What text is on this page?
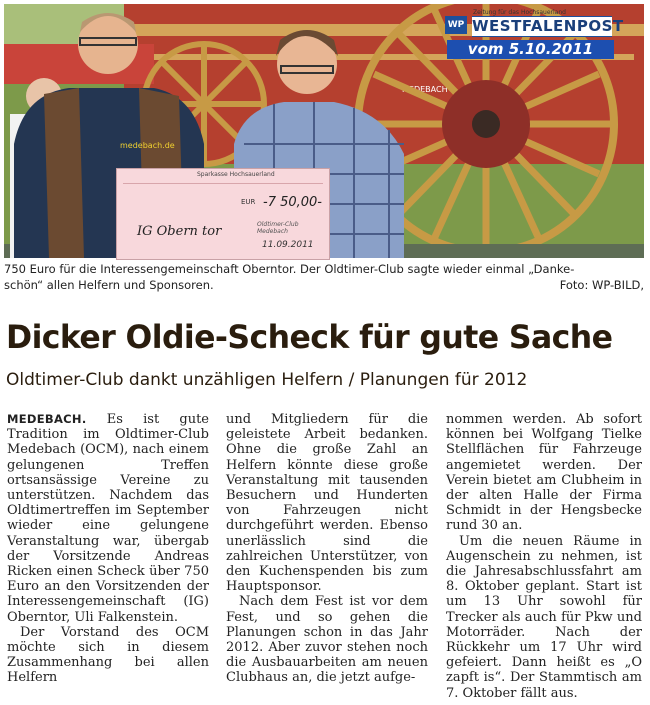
MEDEBACH
medebach.de
Zeitung für das Hochsauerland
WP WESTFALENPOST
vom 5.10.2011
Sparkasse Hochsauerland
EUR -7 50,00-
IG Obern tor	Oldtimer-Club Medebach
11.09.2011
750 Euro für die Interessengemeinschaft Oberntor. Der Oldtimer-Club sagte wieder einmal „Danke-
schön“ allen Helfern und Sponsoren.	Foto: WP-BILD,
Dicker Oldie-Scheck für gute Sache
Oldtimer-Club dankt unzähligen Helfern / Planungen für 2012

MEDEBACH. Es ist gute Tradition im Oldtimer-Club Medebach (OCM), nach einem gelungenen Treffen ortsansässige Vereine zu unterstützen. Nachdem das Oldtimertreffen im September wieder eine gelungene Veranstaltung war, übergab der Vorsitzende Andreas Ricken einen Scheck über 750 Euro an den Vorsitzenden der Interessengemeinschaft (IG) Oberntor, Uli Falkenstein.

Der Vorstand des OCM möchte sich in diesem Zusammenhang bei allen Helfern

und Mitgliedern für die geleistete Arbeit bedanken. Ohne die große Zahl an Helfern könnte diese große Veranstaltung mit tausenden Besuchern und Hunderten von Fahrzeugen nicht durchgeführt werden. Ebenso unerlässlich sind die zahlreichen Unterstützer, von den Kuchenspenden bis zum Hauptsponsor.

Nach dem Fest ist vor dem Fest, und so gehen die Planungen schon in das Jahr 2012. Aber zuvor stehen noch die Ausbauarbeiten am neuen Clubhaus an, die jetzt aufge-

nommen werden. Ab sofort können bei Wolfgang Tielke Stellflächen für Fahrzeuge angemietet werden. Der Verein bietet am Clubheim in der alten Halle der Firma Schmidt in der Hengsbecke rund 30 an.

Um die neuen Räume in Augenschein zu nehmen, ist die Jahresabschlussfahrt am 8. Oktober geplant. Start ist um 13 Uhr sowohl für Trecker als auch für Pkw und Motorräder. Nach der Rückkehr um 17 Uhr wird gefeiert. Dann heißt es „O zapft is“. Der Stammtisch am 7. Oktober fällt aus.
